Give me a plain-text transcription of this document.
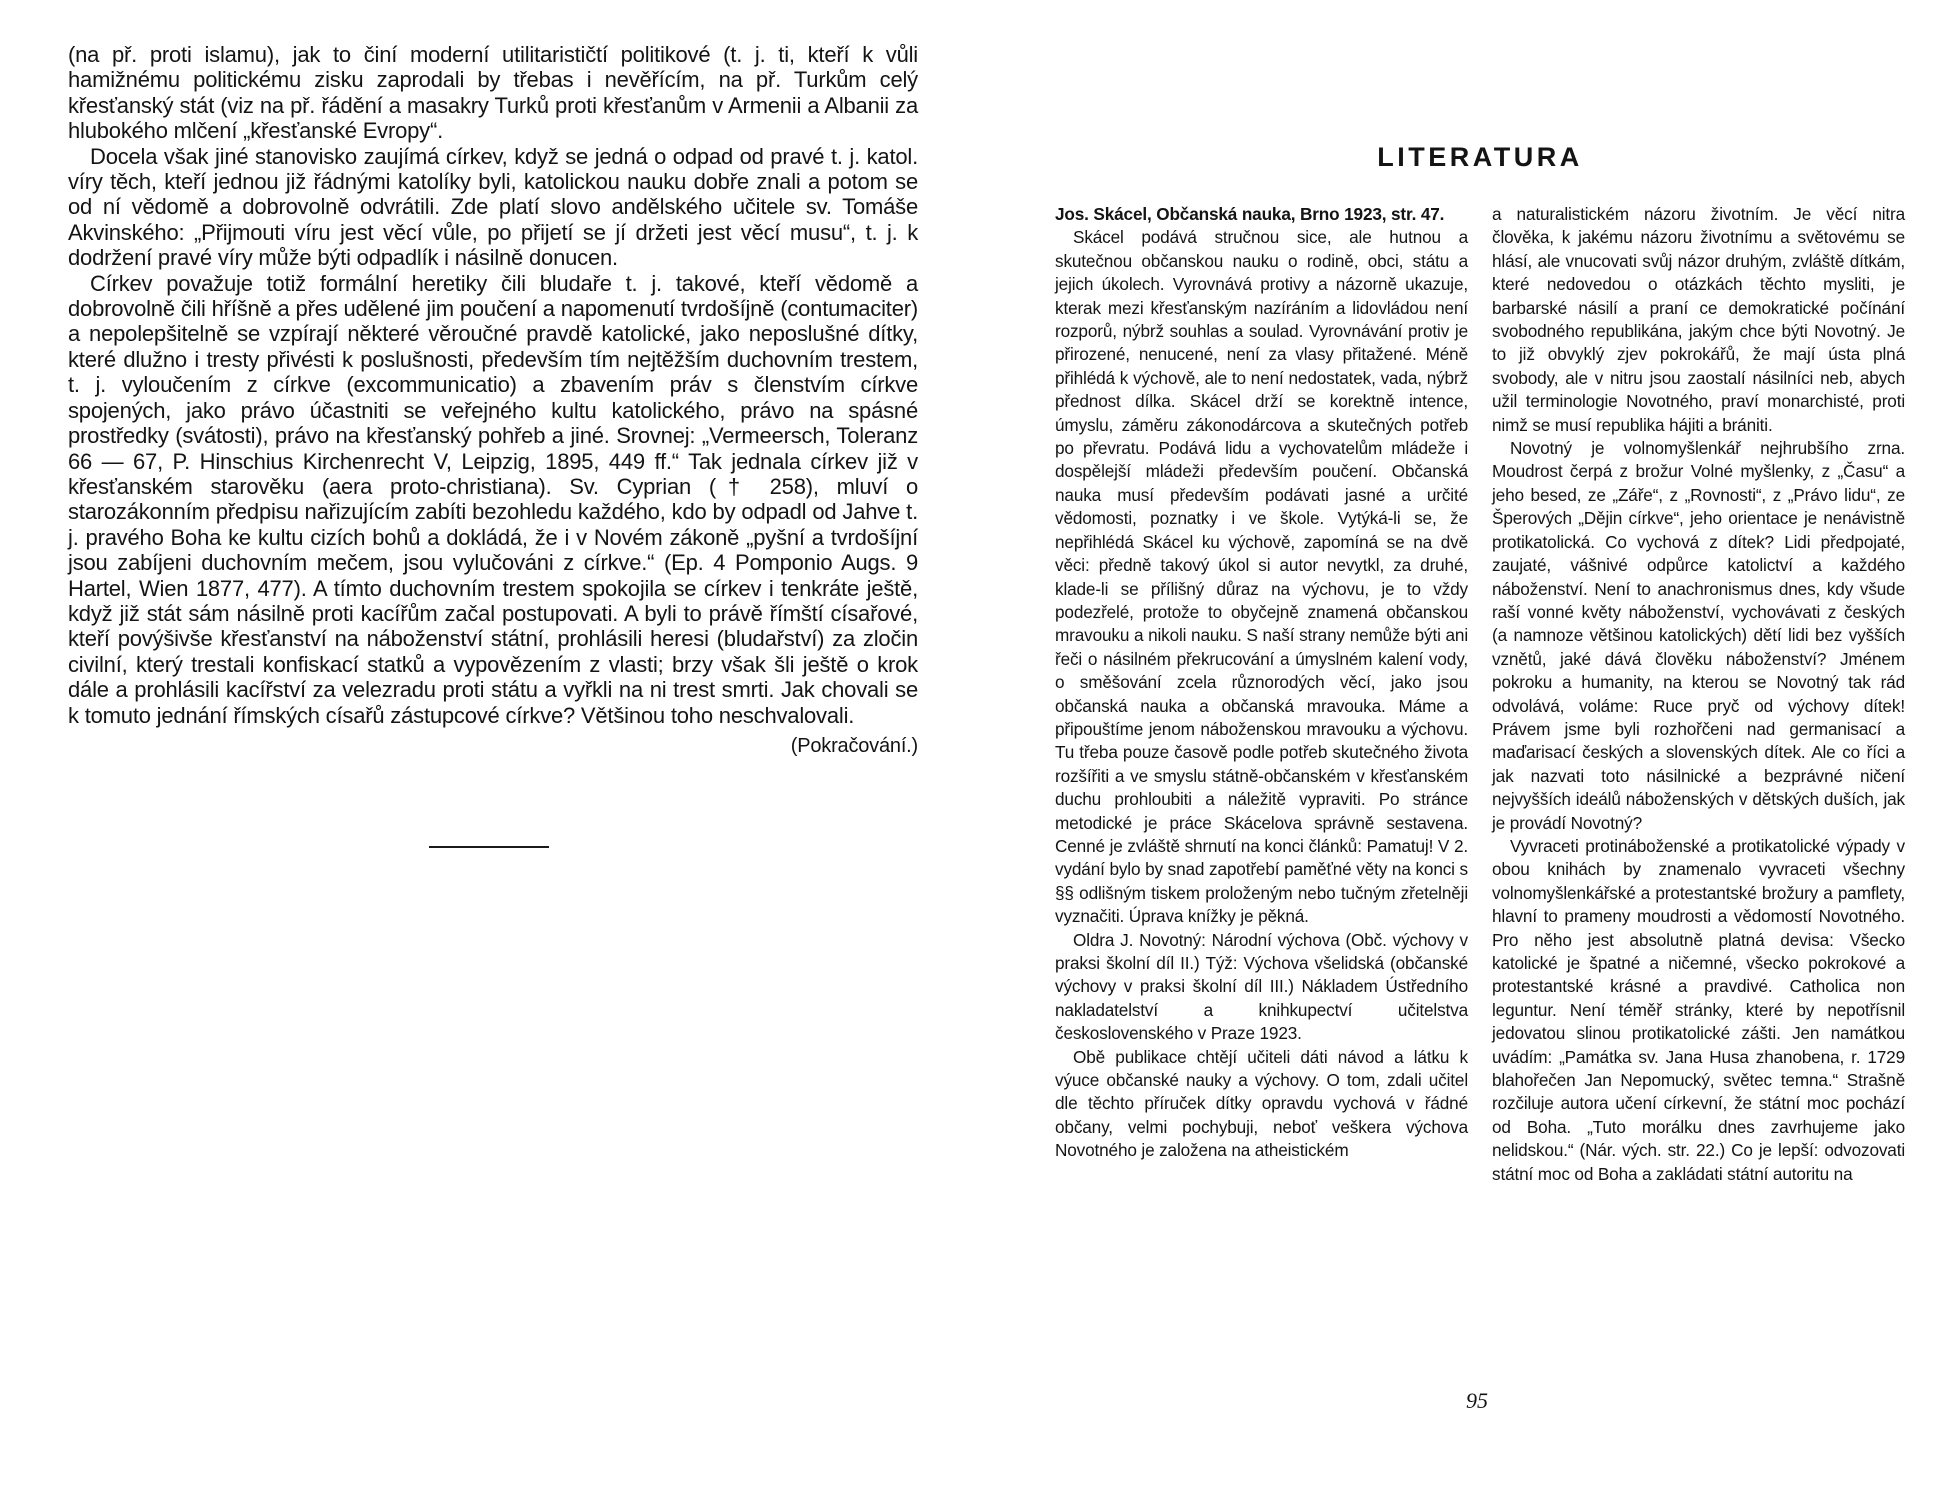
(na př. proti islamu), jak to činí moderní utilitarističtí politikové (t. j. ti, kteří k vůli hamižnému politickému zisku zaprodali by třebas i nevěřícím, na př. Turkům celý křesťanský stát (viz na př. řádění a masakry Turků proti křesťanům v Armenii a Albanii za hlubokého mlčení „křesťanské Evropy“.

Docela však jiné stanovisko zaujímá církev, když se jedná o odpad od pravé t. j. katol. víry těch, kteří jednou již řádnými katolíky byli, katolickou nauku dobře znali a potom se od ní vědomě a dobrovolně odvrátili. Zde platí slovo andělského učitele sv. Tomáše Akvinského: „Přijmouti víru jest věcí vůle, po přijetí se jí držeti jest věcí musu“, t. j. k dodržení pravé víry může býti odpadlík i násilně donucen.

Církev považuje totiž formální heretiky čili bludaře t. j. takové, kteří vědomě a dobrovolně čili hříšně a přes udělené jim poučení a napomenutí tvrdošíjně (contumaciter) a nepolepšitelně se vzpírají některé věroučné pravdě katolické, jako neposlušné dítky, které dlužno i tresty přivésti k poslušnosti, především tím nejtěžším duchovním trestem, t. j. vyloučením z církve (excommunicatio) a zbavením práv s členstvím církve spojených, jako právo účastniti se veřejného kultu katolického, právo na spásné prostředky (svátosti), právo na křesťanský pohřeb a jiné. Srovnej: „Vermeersch, Toleranz 66 — 67, P. Hinschius Kirchenrecht V, Leipzig, 1895, 449 ff.“ Tak jednala církev již v křesťanském starověku (aera proto-christiana). Sv. Cyprian († 258), mluví o starozákonním předpisu nařizujícím zabíti bezohledu každého, kdo by odpadl od Jahve t. j. pravého Boha ke kultu cizích bohů a dokládá, že i v Novém zákoně „pyšní a tvrdošíjní jsou zabíjeni duchovním mečem, jsou vylučováni z církve.“ (Ep. 4 Pomponio Augs. 9 Hartel, Wien 1877, 477). A tímto duchovním trestem spokojila se církev i tenkráte ještě, když již stát sám násilně proti kacířům začal postupovati. A byli to právě římští císařové, kteří povýšivše křesťanství na náboženství státní, prohlásili heresi (bludařství) za zločin civilní, který trestali konfiskací statků a vypovězením z vlasti; brzy však šli ještě o krok dále a prohlásili kacířství za velezradu proti státu a vyřkli na ni trest smrti. Jak chovali se k tomuto jednání římských císařů zástupcové církve? Většinou toho neschvalovali.

(Pokračování.)
LITERATURA

Jos. Skácel, Občanská nauka, Brno 1923, str. 47.

Skácel podává stručnou sice, ale hutnou a skutečnou občanskou nauku o rodině, obci, státu a jejich úkolech. Vyrovnává protivy a názorně ukazuje, kterak mezi křesťanským nazíráním a lidovládou není rozporů, nýbrž souhlas a soulad. Vyrovnávání protiv je přirozené, nenucené, není za vlasy přitažené. Méně přihlédá k výchově, ale to není nedostatek, vada, nýbrž přednost dílka. Skácel drží se korektně intence, úmyslu, záměru zákonodárcova a skutečných potřeb po převratu. Podává lidu a vychovatelům mládeže i dospělejší mládeži především poučení. Občanská nauka musí především podávati jasné a určité vědomosti, poznatky i ve škole. Vytýká-li se, že nepřihlédá Skácel ku výchově, zapomíná se na dvě věci: předně takový úkol si autor nevytkl, za druhé, klade-li se přílišný důraz na výchovu, je to vždy podezřelé, protože to obyčejně znamená občanskou mravouku a nikoli nauku. S naší strany nemůže býti ani řeči o násilném překrucování a úmyslném kalení vody, o směšování zcela různorodých věcí, jako jsou občanská nauka a občanská mravouka. Máme a připouštíme jenom náboženskou mravouku a výchovu. Tu třeba pouze časově podle potřeb skutečného života rozšířiti a ve smyslu státně-občanském v křesťanském duchu prohloubiti a náležitě vypraviti. Po stránce metodické je práce Skácelova správně sestavena. Cenné je zvláště shrnutí na konci článků: Pamatuj! V 2. vydání bylo by snad zapotřebí paměťné věty na konci s §§ odlišným tiskem proloženým nebo tučným zřetelněji vyznačiti. Úprava knížky je pěkná.

Oldra J. Novotný: Národní výchova (Obč. výchovy v praksi školní díl II.) Týž: Výchova všelidská (občanské výchovy v praksi školní díl III.) Nákladem Ústředního nakladatelství a knihkupectví učitelstva československého v Praze 1923.

Obě publikace chtějí učiteli dáti návod a látku k výuce občanské nauky a výchovy. O tom, zdali učitel dle těchto příruček dítky opravdu vychová v řádné občany, velmi pochybuji, neboť veškera výchova Novotného je založena na atheistickém

a naturalistickém názoru životním. Je věcí nitra člověka, k jakému názoru životnímu a světovému se hlásí, ale vnucovati svůj názor druhým, zvláště dítkám, které nedovedou o otázkách těchto mysliti, je barbarské násilí a praní ce demokratické počínání svobodného republikána, jakým chce býti Novotný. Je to již obvyklý zjev pokrokářů, že mají ústa plná svobody, ale v nitru jsou zaostalí násilníci neb, abych užil terminologie Novotného, praví monarchisté, proti nimž se musí republika hájiti a brániti.

Novotný je volnomyšlenkář nejhrubšího zrna. Moudrost čerpá z brožur Volné myšlenky, z „Času“ a jeho besed, ze „Záře“, z „Rovnosti“, z „Právo lidu“, ze Šperových „Dějin církve“, jeho orientace je nenávistně protikatolická. Co vychová z dítek? Lidi předpojaté, zaujaté, vášnivé odpůrce katolictví a každého náboženství. Není to anachronismus dnes, kdy všude raší vonné květy náboženství, vychovávati z českých (a namnoze většinou katolických) dětí lidi bez vyšších vznětů, jaké dává člověku náboženství? Jménem pokroku a humanity, na kterou se Novotný tak rád odvolává, voláme: Ruce pryč od výchovy dítek! Právem jsme byli rozhořčeni nad germanisací a maďarisací českých a slovenských dítek. Ale co říci a jak nazvati toto násilnické a bezprávné ničení nejvyšších ideálů náboženských v dětských duších, jak je provádí Novotný?

Vyvraceti protináboženské a protikatolické výpady v obou knihách by znamenalo vyvraceti všechny volnomyšlenkářské a protestantské brožury a pamflety, hlavní to prameny moudrosti a vědomostí Novotného. Pro něho jest absolutně platná devisa: Všecko katolické je špatné a ničemné, všecko pokrokové a protestantské krásné a pravdivé. Catholica non leguntur. Není téměř stránky, které by nepotřísnil jedovatou slinou protikatolické zášti. Jen namátkou uvádím: „Památka sv. Jana Husa zhanobena, r. 1729 blahořečen Jan Nepomucký, světec temna.“ Strašně rozčiluje autora učení církevní, že státní moc pochází od Boha. „Tuto morálku dnes zavrhujeme jako nelidskou.“ (Nár. vých. str. 22.) Co je lepší: odvozovati státní moc od Boha a zakládati státní autoritu na

95
